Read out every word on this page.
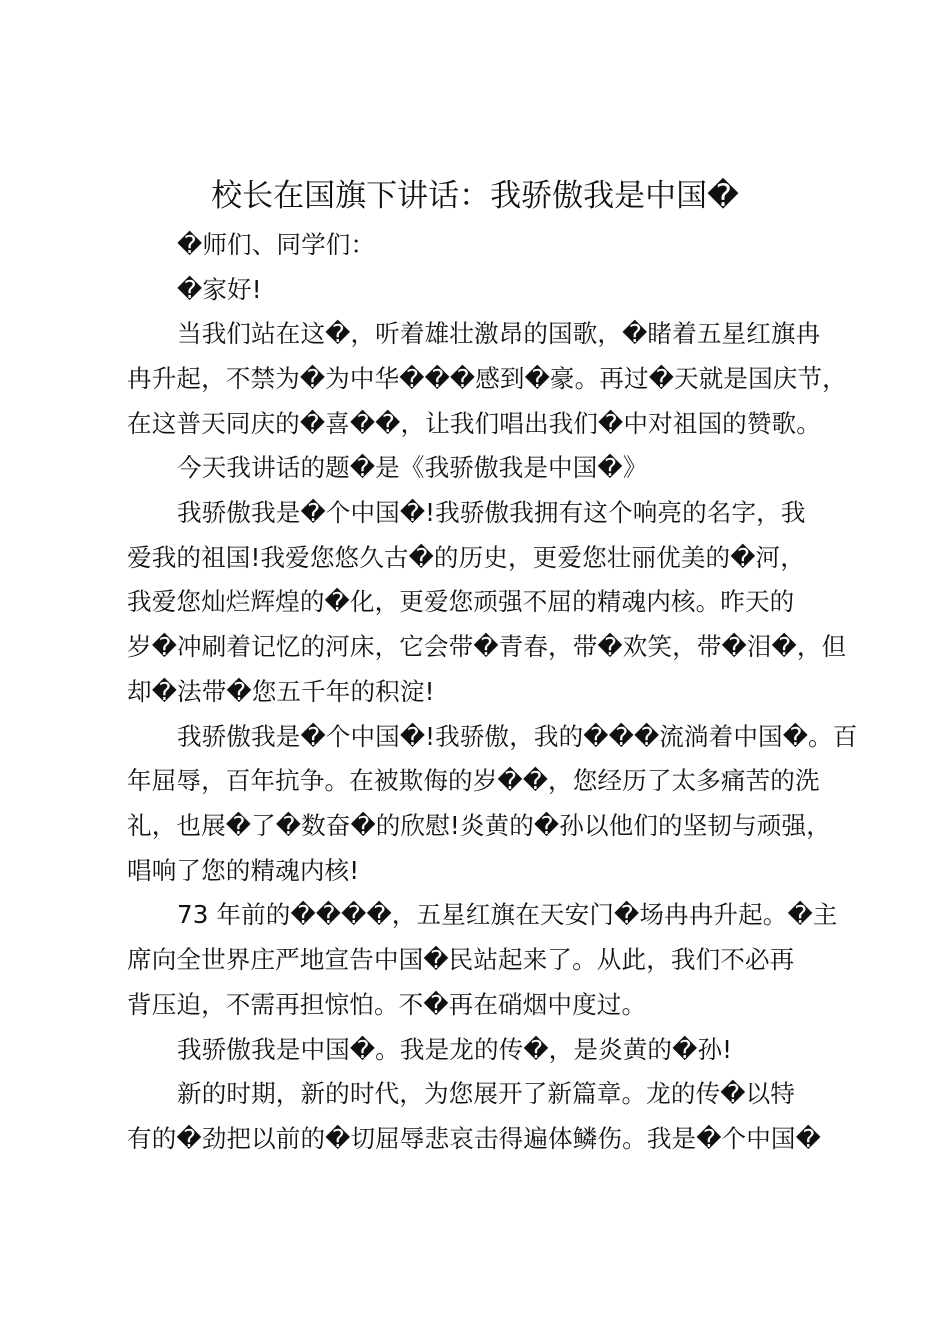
校长在国旗下讲话：我骄傲我是中国�
�师们、同学们：
�家好!
当我们站在这�，听着雄壮激昂的国歌，�睹着五星红旗冉
冉升起，不禁为�为中华���感到�豪。再过�天就是国庆节，
在这普天同庆的�喜��，让我们唱出我们�中对祖国的赞歌。
今天我讲话的题�是《我骄傲我是中国�》
我骄傲我是�个中国�!我骄傲我拥有这个响亮的名字，我
爱我的祖国!我爱您悠久古�的历史，更爱您壮丽优美的�河，
我爱您灿烂辉煌的�化，更爱您顽强不屈的精魂内核。昨天的
岁�冲刷着记忆的河床，它会带�青春，带�欢笑，带�泪�，但
却�法带�您五千年的积淀!
我骄傲我是�个中国�!我骄傲，我的���流淌着中国�。百
年屈辱，百年抗争。在被欺侮的岁��，您经历了太多痛苦的洗
礼，也展�了�数奋�的欣慰!炎黄的�孙以他们的坚韧与顽强，
唱响了您的精魂内核!
73 年前的����，五星红旗在天安门�场冉冉升起。�主
席向全世界庄严地宣告中国�民站起来了。从此，我们不必再
背压迫，不需再担惊怕。不�再在硝烟中度过。
我骄傲我是中国�。我是龙的传�，是炎黄的�孙!
新的时期，新的时代，为您展开了新篇章。龙的传�以特
有的�劲把以前的�切屈辱悲哀击得遍体鳞伤。我是�个中国�
